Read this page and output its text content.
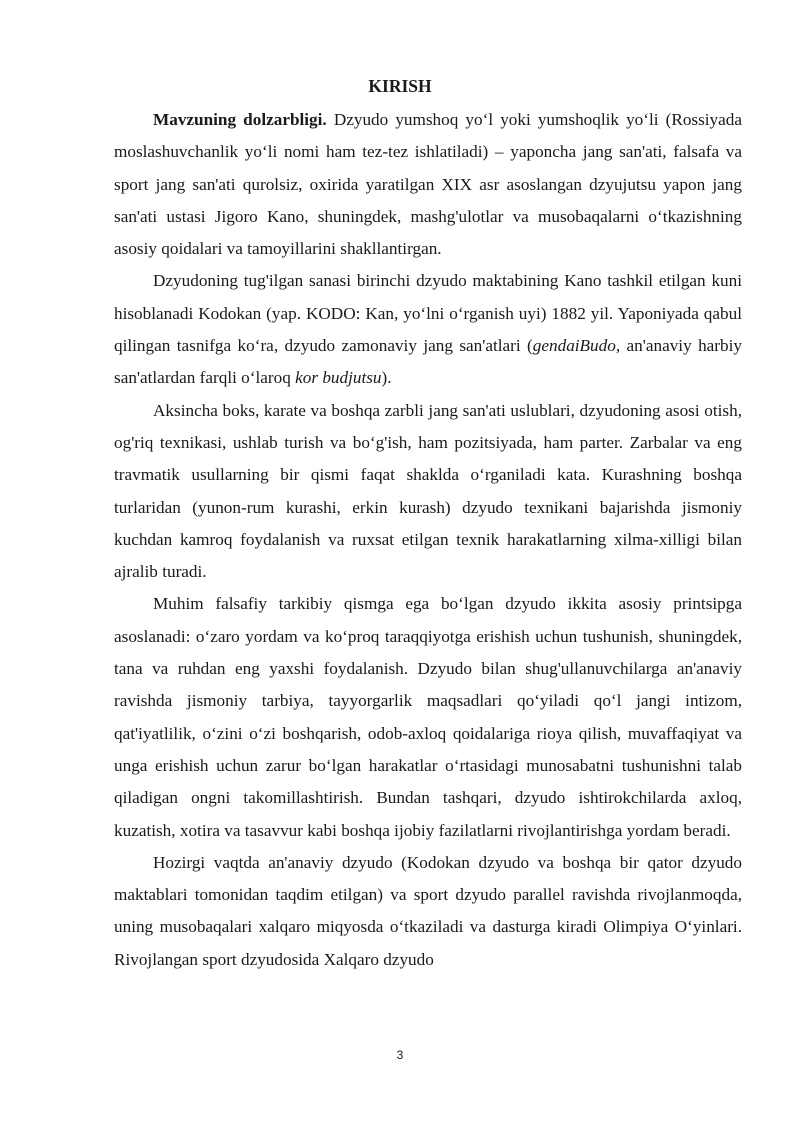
KIRISH

Mavzuning dolzarbligi. Dzyudo yumshoq yo‘l yoki yumshoqlik yo‘li (Rossiyada moslashuvchanlik yo‘li nomi ham tez-tez ishlatiladi) – yaponcha jang san'ati, falsafa va sport jang san'ati qurolsiz, oxirida yaratilgan XIX asr asoslangan dzyujutsu yapon jang san'ati ustasi Jigoro Kano, shuningdek, mashg'ulotlar va musobaqalarni o‘tkazishning asosiy qoidalari va tamoyillarini shakllantirgan.

Dzyudoning tug'ilgan sanasi birinchi dzyudo maktabining Kano tashkil etilgan kuni hisoblanadi Kodokan (yap. KODO: Kan, yo‘lni o‘rganish uyi) 1882 yil. Yaponiyada qabul qilingan tasnifga ko‘ra, dzyudo zamonaviy jang san'atlari (gendaiBudo, an'anaviy harbiy san'atlardan farqli o‘laroq kor budjutsu).

Aksincha boks, karate va boshqa zarbli jang san'ati uslublari, dzyudoning asosi otish, og'riq texnikasi, ushlab turish va bo‘g'ish, ham pozitsiyada, ham parter. Zarbalar va eng travmatik usullarning bir qismi faqat shaklda o‘rganiladi kata. Kurashning boshqa turlaridan (yunon-rum kurashi, erkin kurash) dzyudo texnikani bajarishda jismoniy kuchdan kamroq foydalanish va ruxsat etilgan texnik harakatlarning xilma-xilligi bilan ajralib turadi.

Muhim falsafiy tarkibiy qismga ega bo‘lgan dzyudo ikkita asosiy printsipga asoslanadi: o‘zaro yordam va ko‘proq taraqqiyotga erishish uchun tushunish, shuningdek, tana va ruhdan eng yaxshi foydalanish. Dzyudo bilan shug'ullanuvchilarga an'anaviy ravishda jismoniy tarbiya, tayyorgarlik maqsadlari qo‘yiladi qo‘l jangi intizom, qat'iyatlilik, o‘zini o‘zi boshqarish, odob-axloq qoidalariga rioya qilish, muvaffaqiyat va unga erishish uchun zarur bo‘lgan harakatlar o‘rtasidagi munosabatni tushunishni talab qiladigan ongni takomillashtirish. Bundan tashqari, dzyudo ishtirokchilarda axloq, kuzatish, xotira va tasavvur kabi boshqa ijobiy fazilatlarni rivojlantirishga yordam beradi.

Hozirgi vaqtda an'anaviy dzyudo (Kodokan dzyudo va boshqa bir qator dzyudo maktablari tomonidan taqdim etilgan) va sport dzyudo parallel ravishda rivojlanmoqda, uning musobaqalari xalqaro miqyosda o‘tkaziladi va dasturga kiradi Olimpiya O‘yinlari. Rivojlangan sport dzyudosida Xalqaro dzyudo

3
